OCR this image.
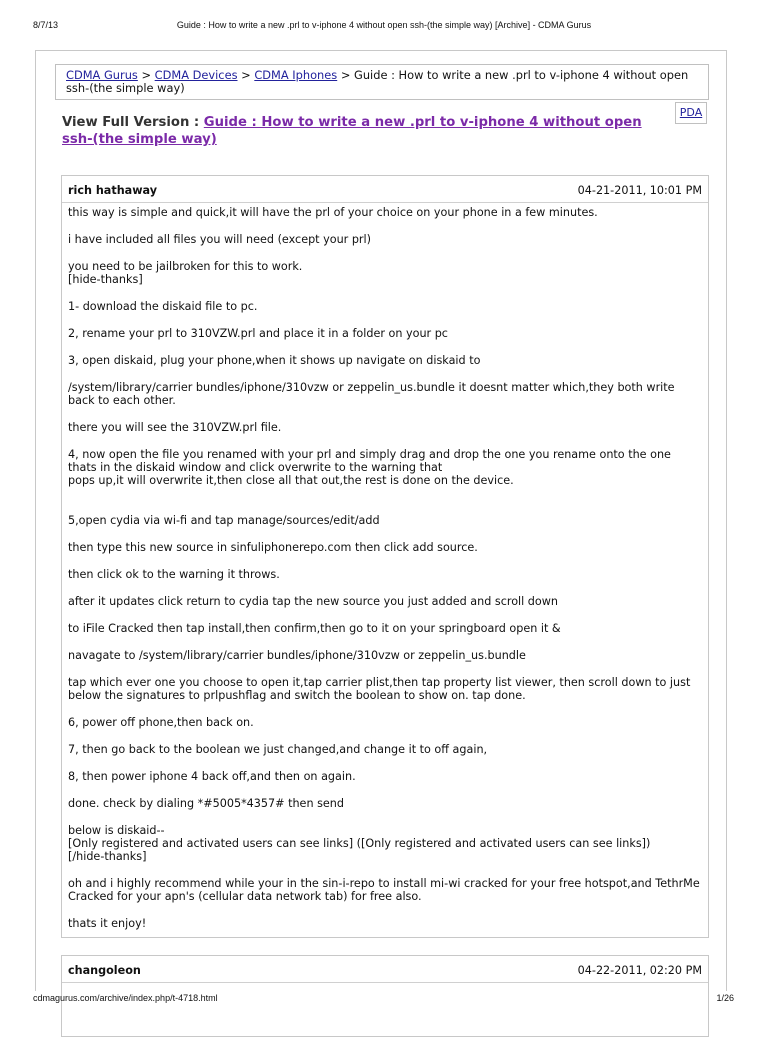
8/7/13	Guide : How to write a new .prl to v-iphone 4 without open ssh-(the simple way) [Archive] - CDMA Gurus
CDMA Gurus > CDMA Devices > CDMA Iphones > Guide : How to write a new .prl to v-iphone 4 without open ssh-(the simple way)
PDA
View Full Version : Guide : How to write a new .prl to v-iphone 4 without open ssh-(the simple way)
rich hathaway	04-21-2011, 10:01 PM

this way is simple and quick,it will have the prl of your choice on your phone in a few minutes.

i have included all files you will need (except your prl)

you need to be jailbroken for this to work.
[hide-thanks]

1- download the diskaid file to pc.

2, rename your prl to 310VZW.prl and place it in a folder on your pc

3, open diskaid, plug your phone,when it shows up navigate on diskaid to

/system/library/carrier bundles/iphone/310vzw or zeppelin_us.bundle it doesnt matter which,they both write back to each other.

there you will see the 310VZW.prl file.

4, now open the file you renamed with your prl and simply drag and drop the one you rename onto the one thats in the diskaid window and click overwrite to the warning that
pops up,it will overwrite it,then close all that out,the rest is done on the device.

5,open cydia via wi-fi and tap manage/sources/edit/add

then type this new source in sinfuliphonerepo.com then click add source.

then click ok to the warning it throws.

after it updates click return to cydia tap the new source you just added and scroll down

to iFile Cracked then tap install,then confirm,then go to it on your springboard open it &

navagate to /system/library/carrier bundles/iphone/310vzw or zeppelin_us.bundle

tap which ever one you choose to open it,tap carrier plist,then tap property list viewer, then scroll down to just below the signatures to prlpushflag and switch the boolean to show on. tap done.

6, power off phone,then back on.

7, then go back to the boolean we just changed,and change it to off again,

8, then power iphone 4 back off,and then on again.

done. check by dialing *#5005*4357# then send

below is diskaid--
[Only registered and activated users can see links] ([Only registered and activated users can see links])
[/hide-thanks]

oh and i highly recommend while your in the sin-i-repo to install mi-wi cracked for your free hotspot,and TethrMe Cracked for your apn's (cellular data network tab) for free also.

thats it enjoy!

changoleon	04-22-2011, 02:20 PM
cdmagurus.com/archive/index.php/t-4718.html	1/26
